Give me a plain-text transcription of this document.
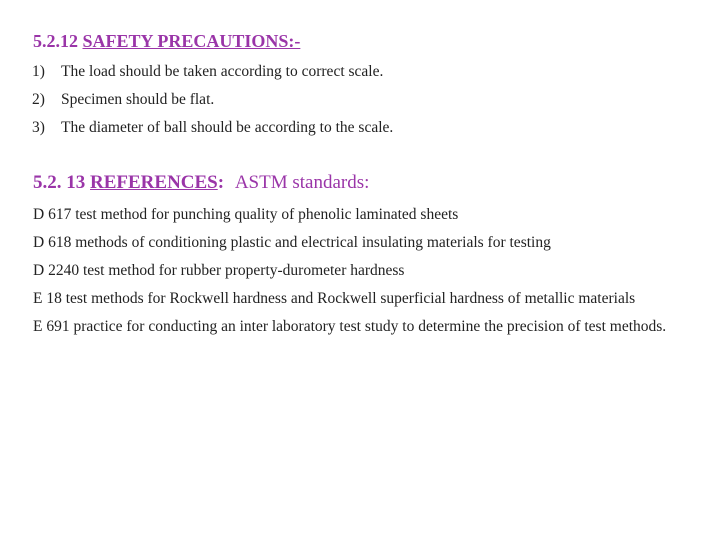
5.2.12 SAFETY PRECAUTIONS:-
1) The load should be taken according to correct scale.
2) Specimen should be flat.
3) The diameter of ball should be according to the scale.
5.2. 13 REFERENCES: ASTM standards:

D 617 test method for punching quality of phenolic laminated sheets

D 618 methods of conditioning plastic and electrical insulating materials for testing

D 2240 test method for rubber property-durometer hardness

E 18 test methods for Rockwell hardness and Rockwell superficial hardness of metallic materials

E 691 practice for conducting an inter laboratory test study to determine the precision of test methods.
